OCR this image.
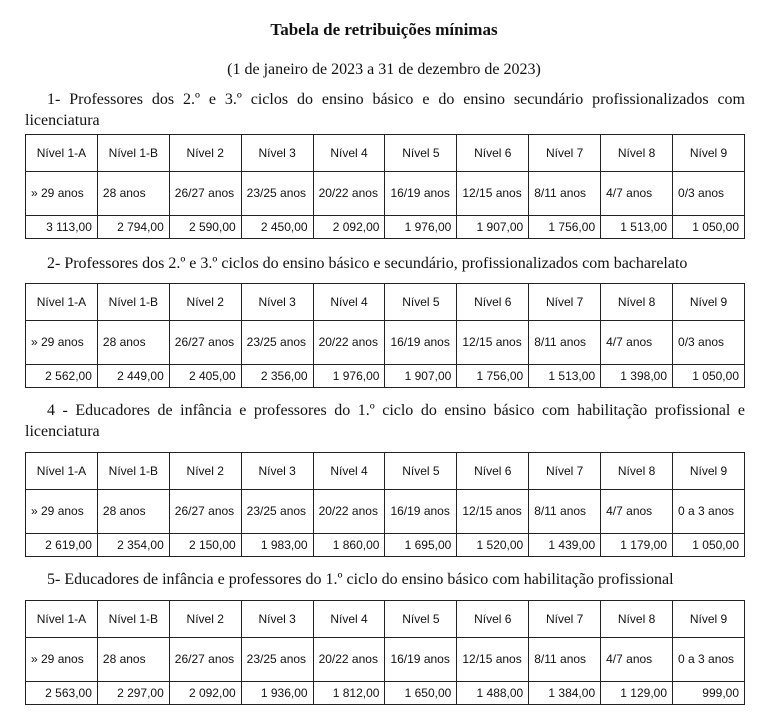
Tabela de retribuições mínimas
(1 de janeiro de 2023 a 31 de dezembro de 2023)
1- Professores dos 2.º e 3.º ciclos do ensino básico e do ensino secundário profissionalizados com licenciatura
Nível 1-A	Nível 1-B	Nível 2	Nível 3	Nível 4	Nível 5	Nível 6	Nível 7	Nível 8	Nível 9
» 29 anos	28 anos	26/27 anos	23/25 anos	20/22 anos	16/19 anos	12/15 anos	8/11 anos	4/7 anos	0/3 anos
3 113,00	2 794,00	2 590,00	2 450,00	2 092,00	1 976,00	1 907,00	1 756,00	1 513,00	1 050,00
2- Professores dos 2.º e 3.º ciclos do ensino básico e secundário, profissionalizados com bacharelato
Nível 1-A	Nível 1-B	Nível 2	Nível 3	Nível 4	Nível 5	Nível 6	Nível 7	Nível 8	Nível 9
» 29 anos	28 anos	26/27 anos	23/25 anos	20/22 anos	16/19 anos	12/15 anos	8/11 anos	4/7 anos	0/3 anos
2 562,00	2 449,00	2 405,00	2 356,00	1 976,00	1 907,00	1 756,00	1 513,00	1 398,00	1 050,00
4 - Educadores de infância e professores do 1.º ciclo do ensino básico com habilitação profissional e licenciatura
Nível 1-A	Nível 1-B	Nível 2	Nível 3	Nível 4	Nível 5	Nível 6	Nível 7	Nível 8	Nível 9
» 29 anos	28 anos	26/27 anos	23/25 anos	20/22 anos	16/19 anos	12/15 anos	8/11 anos	4/7 anos	0 a 3 anos
2 619,00	2 354,00	2 150,00	1 983,00	1 860,00	1 695,00	1 520,00	1 439,00	1 179,00	1 050,00
5- Educadores de infância e professores do 1.º ciclo do ensino básico com habilitação profissional
Nível 1-A	Nível 1-B	Nível 2	Nível 3	Nível 4	Nível 5	Nível 6	Nível 7	Nível 8	Nível 9
» 29 anos	28 anos	26/27 anos	23/25 anos	20/22 anos	16/19 anos	12/15 anos	8/11 anos	4/7 anos	0 a 3 anos
2 563,00	2 297,00	2 092,00	1 936,00	1 812,00	1 650,00	1 488,00	1 384,00	1 129,00	999,00
